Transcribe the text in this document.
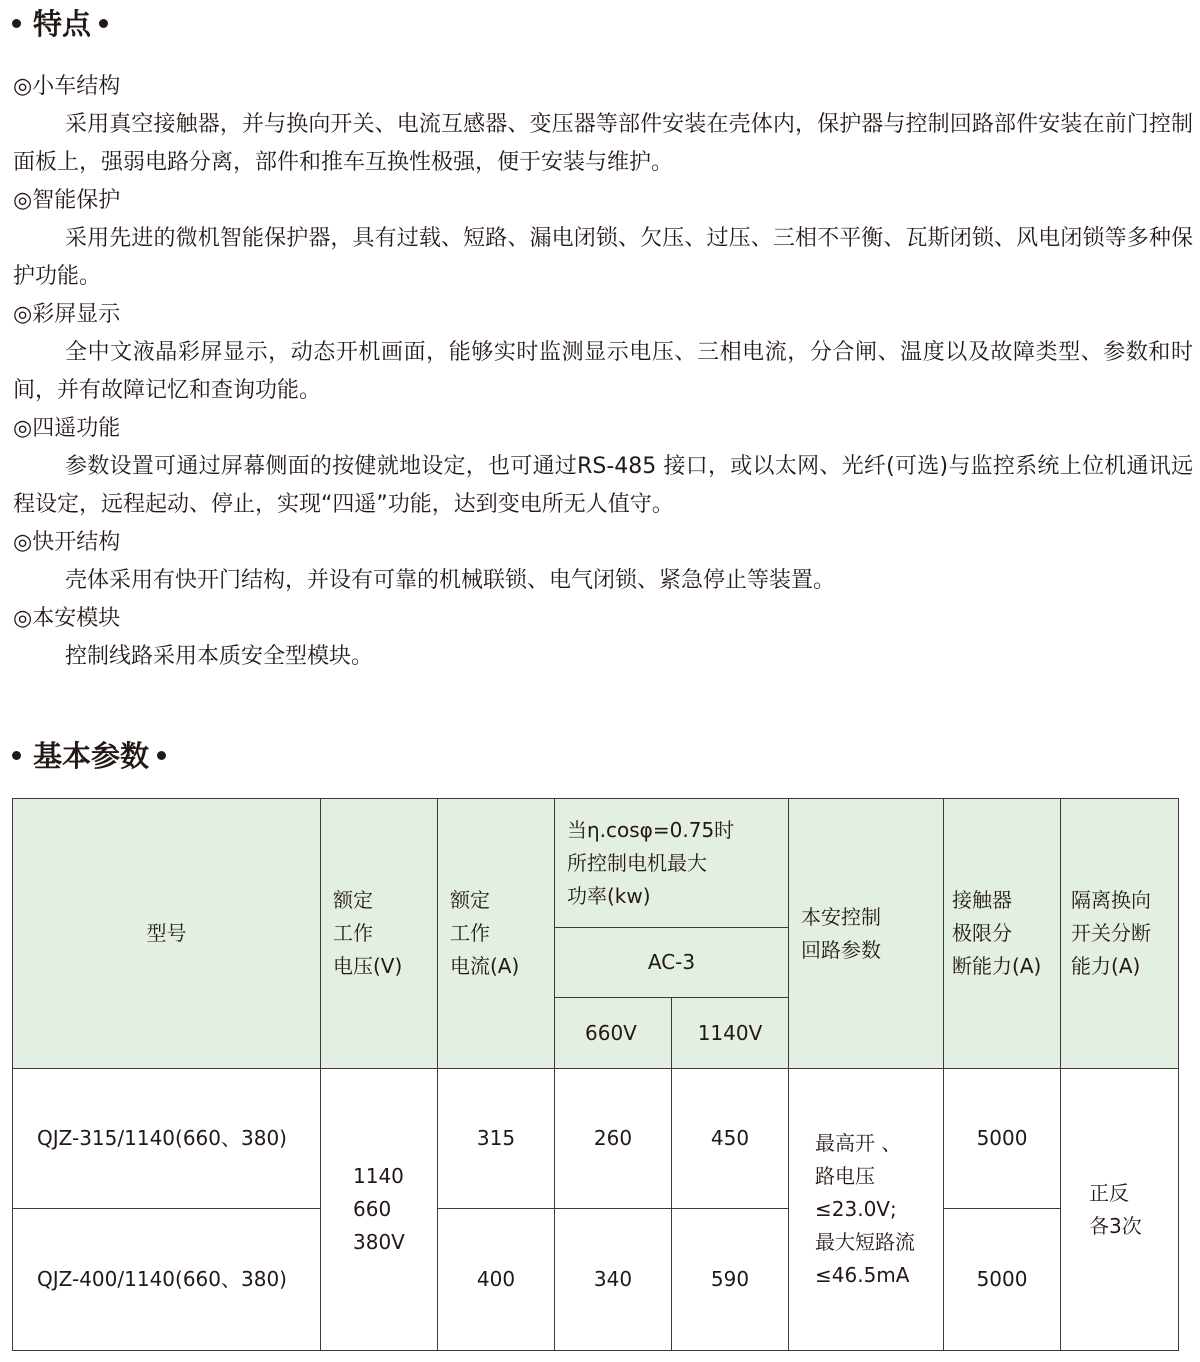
特点
◎小车结构

采用真空接触器，并与换向开关、电流互感器、变压器等部件安装在壳体内，保护器与控制回路部件安装在前门控制面板上，强弱电路分离，部件和推车互换性极强，便于安装与维护。

◎智能保护

采用先进的微机智能保护器，具有过载、短路、漏电闭锁、欠压、过压、三相不平衡、瓦斯闭锁、风电闭锁等多种保护功能。

◎彩屏显示

全中文液晶彩屏显示，动态开机画面，能够实时监测显示电压、三相电流，分合闸、温度以及故障类型、参数和时间，并有故障记忆和查询功能。

◎四遥功能

参数设置可通过屏幕侧面的按健就地设定，也可通过RS-485 接口，或以太网、光纤(可选)与监控系统上位机通讯远程设定，远程起动、停止，实现“四遥”功能，达到变电所无人值守。

◎快开结构

壳体采用有快开门结构，并设有可靠的机械联锁、电气闭锁、紧急停止等装置。

◎本安模块

控制线路采用本质安全型模块。

基本参数
型号	额定
工作
电压(V)	额定
工作
电流(A)	当η.cosφ=0.75时
所控制电机最大
功率(kw)		本安控制
回路参数	接触器
极限分
断能力(A)	隔离换向
开关分断
能力(A)
			AC-3				
			660V	1140V			
QJZ-315/1140(660、380)	1140
660
380V	315	260	450	最高开 、
路电压
≤23.0V;
最大短路流
≤46.5mA	5000	正反
各3次
QJZ-400/1140(660、380)		400	340	590		5000	
